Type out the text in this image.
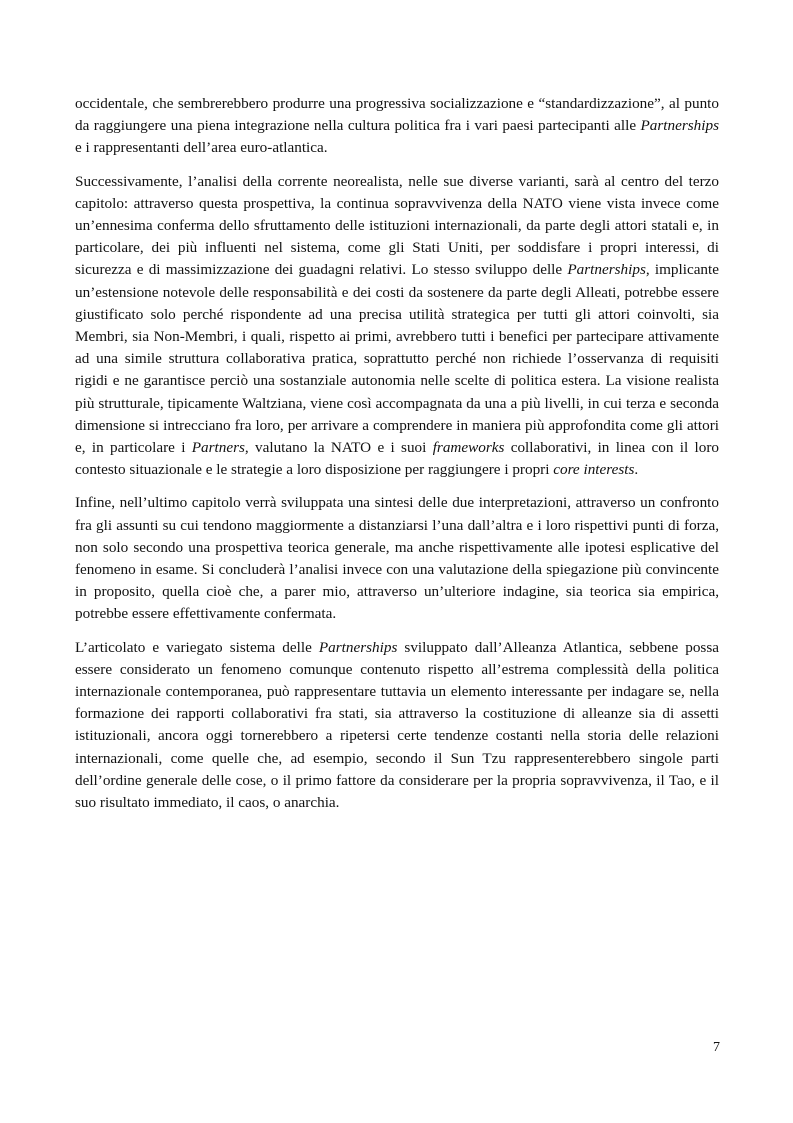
occidentale, che sembrerebbero produrre una progressiva socializzazione e “standardizzazione”, al punto da raggiungere una piena integrazione nella cultura politica fra i vari paesi partecipanti alle Partnerships e i rappresentanti dell’area euro-atlantica.

Successivamente, l’analisi della corrente neorealista, nelle sue diverse varianti, sarà al centro del terzo capitolo: attraverso questa prospettiva, la continua sopravvivenza della NATO viene vista invece come un’ennesima conferma dello sfruttamento delle istituzioni internazionali, da parte degli attori statali e, in particolare, dei più influenti nel sistema, come gli Stati Uniti, per soddisfare i propri interessi, di sicurezza e di massimizzazione dei guadagni relativi. Lo stesso sviluppo delle Partnerships, implicante un’estensione notevole delle responsabilità e dei costi da sostenere da parte degli Alleati, potrebbe essere giustificato solo perché rispondente ad una precisa utilità strategica per tutti gli attori coinvolti, sia Membri, sia Non-Membri, i quali, rispetto ai primi, avrebbero tutti i benefici per partecipare attivamente ad una simile struttura collaborativa pratica, soprattutto perché non richiede l’osservanza di requisiti rigidi e ne garantisce perciò una sostanziale autonomia nelle scelte di politica estera. La visione realista più strutturale, tipicamente Waltziana, viene così accompagnata da una a più livelli, in cui terza e seconda dimensione si intrecciano fra loro, per arrivare a comprendere in maniera più approfondita come gli attori e, in particolare i Partners, valutano la NATO e i suoi frameworks collaborativi, in linea con il loro contesto situazionale e le strategie a loro disposizione per raggiungere i propri core interests.

Infine, nell’ultimo capitolo verrà sviluppata una sintesi delle due interpretazioni, attraverso un confronto fra gli assunti su cui tendono maggiormente a distanziarsi l’una dall’altra e i loro rispettivi punti di forza, non solo secondo una prospettiva teorica generale, ma anche rispettivamente alle ipotesi esplicative del fenomeno in esame. Si concluderà l’analisi invece con una valutazione della spiegazione più convincente in proposito, quella cioè che, a parer mio, attraverso un’ulteriore indagine, sia teorica sia empirica, potrebbe essere effettivamente confermata.

L’articolato e variegato sistema delle Partnerships sviluppato dall’Alleanza Atlantica, sebbene possa essere considerato un fenomeno comunque contenuto rispetto all’estrema complessità della politica internazionale contemporanea, può rappresentare tuttavia un elemento interessante per indagare se, nella formazione dei rapporti collaborativi fra stati, sia attraverso la costituzione di alleanze sia di assetti istituzionali, ancora oggi tornerebbero a ripetersi certe tendenze costanti nella storia delle relazioni internazionali, come quelle che, ad esempio, secondo il Sun Tzu rappresenterebbero singole parti dell’ordine generale delle cose, o il primo fattore da considerare per la propria sopravvivenza, il Tao, e il suo risultato immediato, il caos, o anarchia.

7
